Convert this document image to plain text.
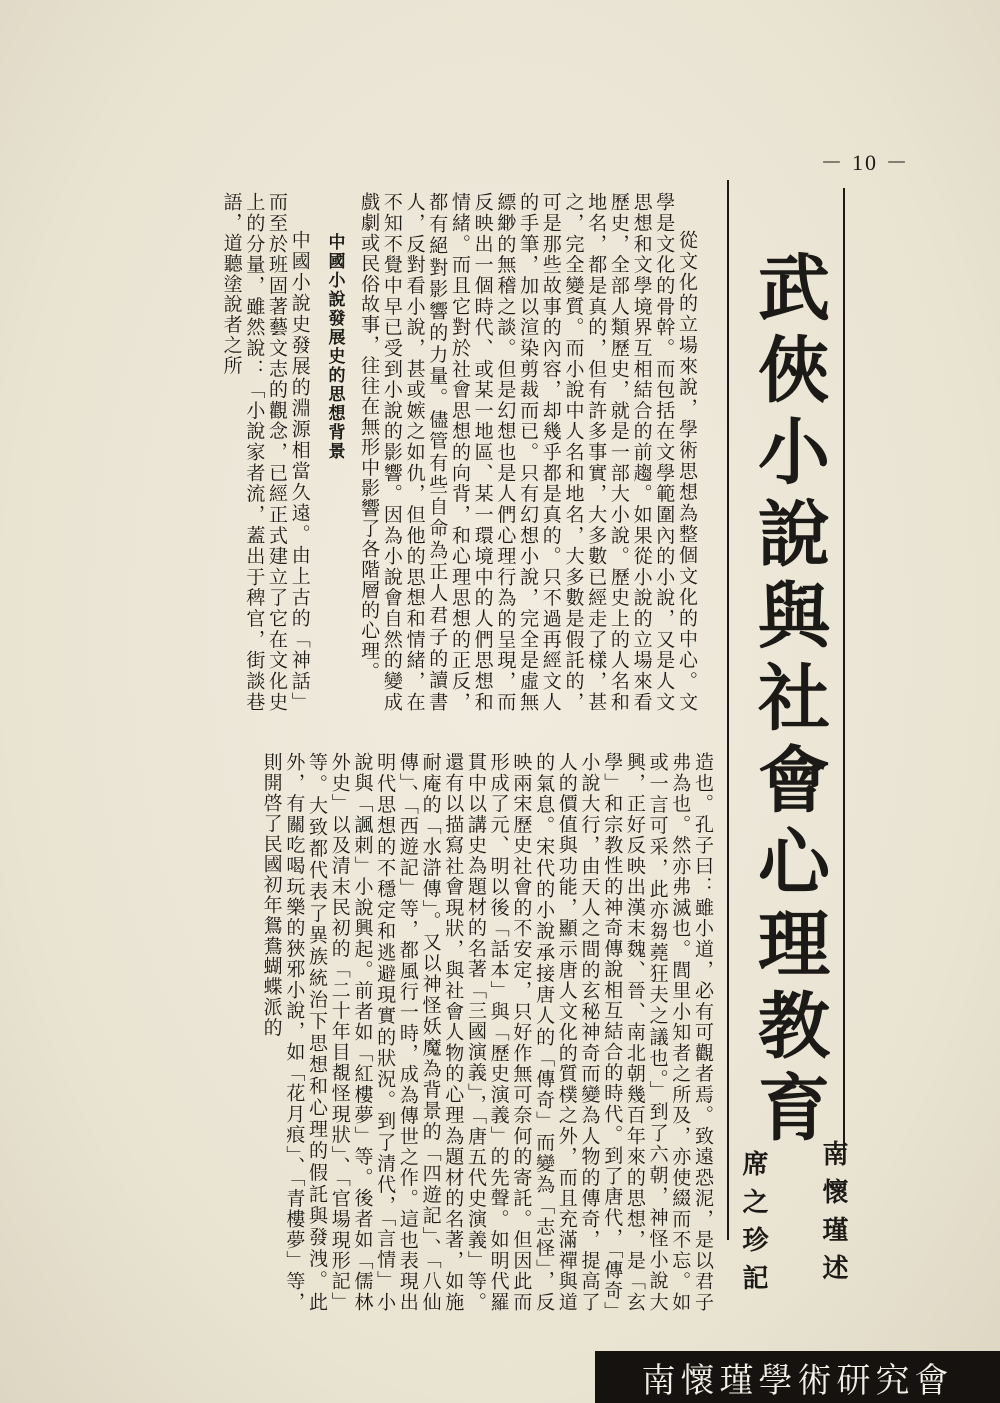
－ 10 －
武俠小說與社會心理教育
南懷瑾述
席之珍記

從文化的立場來說，學術思想為整個文化的中心。文學是文化的骨幹。而包括在文學範圍內的小說，又是人文思想和文學境界互相結合的前趨。如果從小說的立場來看歷史，全部人類歷史，就是一部大小說。歷史上的人名和地名，都是真的，但有許多事實，大多數已經走了樣，甚之，完全變質。而小說中人名和地名，大多數是假託的，可是那些故事的內容，却幾乎都是真的。只不過再經文人的手筆，加以渲染剪裁而已。只有幻想小說，完全是虛無縹緲的無稽之談。但是幻想也是人們心理行為的呈現，而反映出一個時代、或某一地區、某一環境中的人們思想和情緒。而且它對於社會思想的向背，和心理思想的正反，都有絕對影響的力量。儘管有些自命為正人君子的讀書人，反對看小說，甚或嫉之如仇，但他的思想和情緒，在不知不覺中早已受到小說的影響。因為小說會自然的變成戲劇或民俗故事，往往在無形中影響了各階層的心理。

中國小說發展史的思想背景

中國小說史發展的淵源相當久遠。由上古的「神話」而至於班固著藝文志的觀念，已經正式建立了它在文化史上的分量，雖然說：「小說家者流，蓋出于稗官，街談巷語，道聽塗說者之所

造也。孔子曰：雖小道，必有可觀者焉。致遠恐泥，是以君子弗為也。然亦弗滅也。閭里小知者之所及，亦使綴而不忘。如或一言可采，此亦芻蕘狂夫之議也。」到了六朝，神怪小說大興，正好反映出漢末魏、晉、南北朝幾百年來的思想，是「玄學」和宗教性的神奇傳說相互結合的時代。到了唐代，「傳奇」小說大行，由天人之間的玄秘神奇而變為人物的傳奇，提高了人的價值與功能，顯示唐人文化的質樸之外，而且充滿禪與道的氣息。宋代的小說承接唐人的「傳奇」而變為「志怪」，反映兩宋歷史社會的不安定，只好作無可奈何的寄託。但因此而形成了元、明以後「話本」與「歷史演義」的先聲。如明代羅貫中以講史為題材的名著「三國演義」，「唐五代史演義」等。還有以描寫社會現狀，與社會人物的心理為題材的名著，如施耐庵的「水滸傳」。又以神怪妖魔為背景的「四遊記」、「八仙傳」、「西遊記」等，都風行一時，成為傳世之作。這也表現出明代思想的不穩定和逃避現實的狀況。到了清代，「言情」小說與「諷刺」小說興起。前者如「紅樓夢」等。後者如「儒林外史」以及清末民初的「二十年目覩怪現狀」、「官場現形記」等。大致都代表了異族統治下思想和心理的假託與發洩。此外，有關吃喝玩樂的狹邪小說，如「花月痕」、「青樓夢」等，則開啓了民國初年鴛鴦蝴蝶派的

南懷瑾學術研究會
